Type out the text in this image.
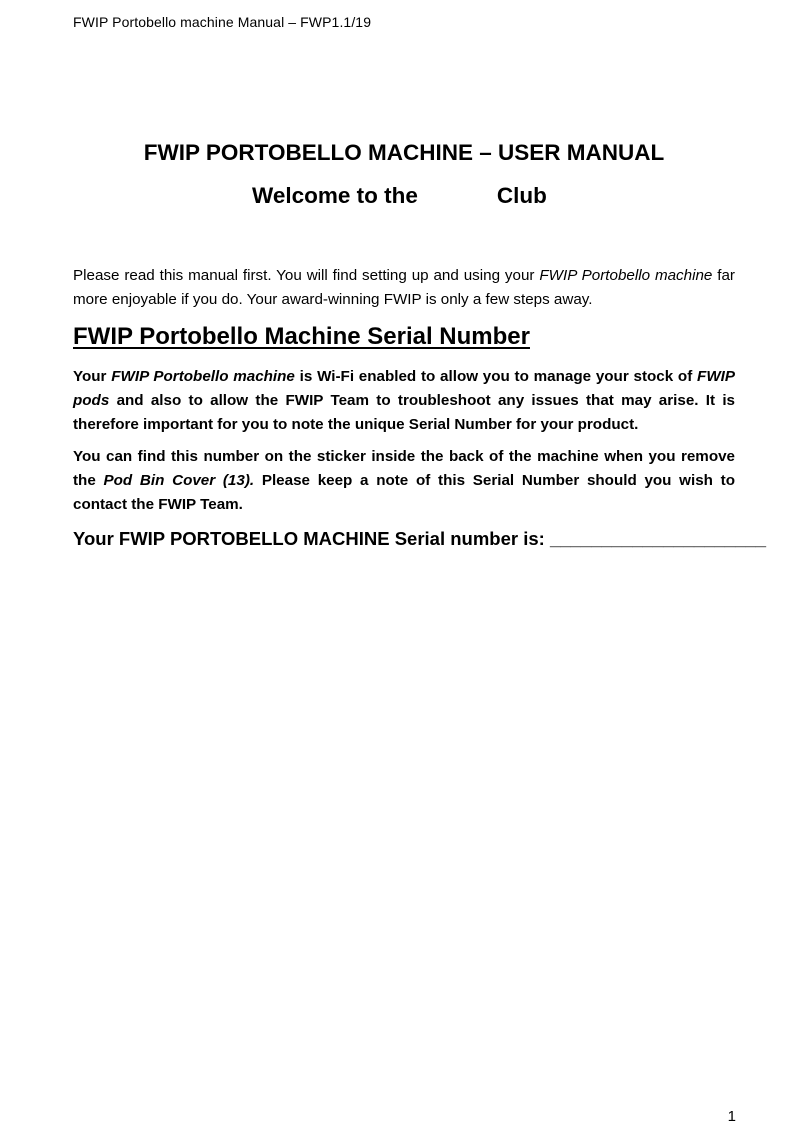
FWIP Portobello machine Manual – FWP1.1/19
FWIP PORTOBELLO MACHINE – USER MANUAL
Welcome to the	Club

Please read this manual first. You will find setting up and using your FWIP Portobello machine far more enjoyable if you do. Your award-winning FWIP is only a few steps away.

FWIP Portobello Machine Serial Number

Your FWIP Portobello machine is Wi-Fi enabled to allow you to manage your stock of FWIP pods and also to allow the FWIP Team to troubleshoot any issues that may arise. It is therefore important for you to note the unique Serial Number for your product.

You can find this number on the sticker inside the back of the machine when you remove the Pod Bin Cover (13). Please keep a note of this Serial Number should you wish to contact the FWIP Team.

Your FWIP PORTOBELLO MACHINE Serial number is: _____________________
1
